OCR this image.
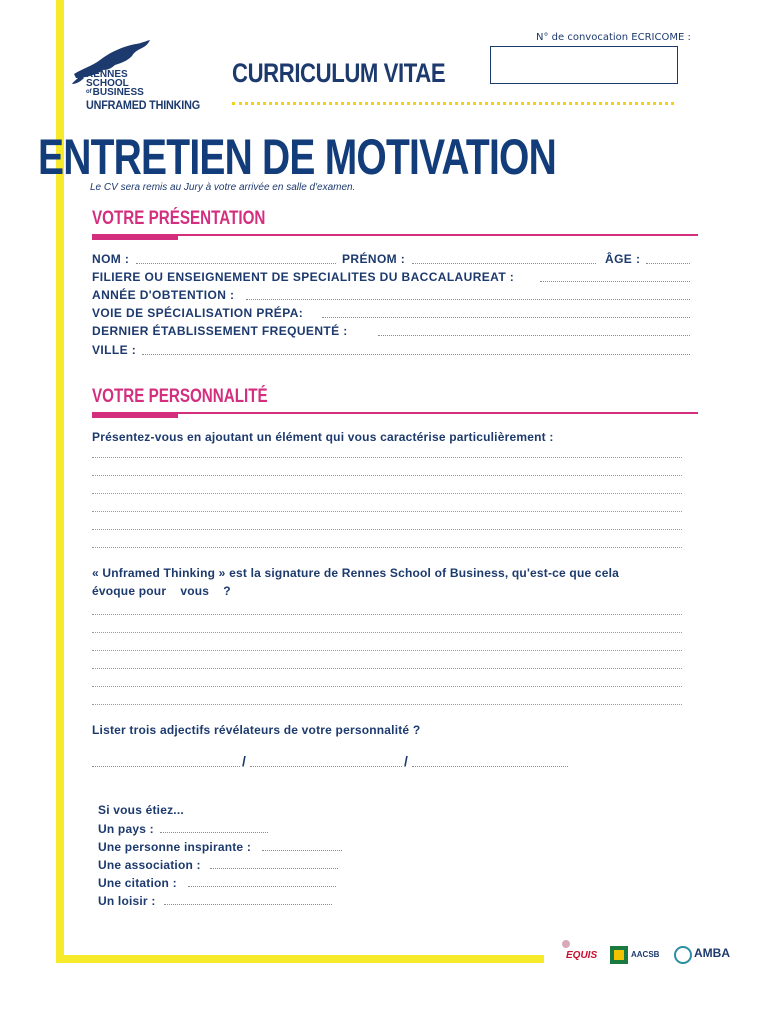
RENNES
SCHOOL
of BUSINESS
UNFRAMED THINKING
CURRICULUM VITAE
N° de convocation ECRICOME :
ENTRETIEN DE MOTIVATION
Le CV sera remis au Jury à votre arrivée en salle d'examen.
VOTRE PRÉSENTATION
NOM :	PRÉNOM :	ÂGE :
FILIERE OU ENSEIGNEMENT DE SPECIALITES DU BACCALAUREAT :
ANNÉE D'OBTENTION :
VOIE DE SPÉCIALISATION PRÉPA:
DERNIER ÉTABLISSEMENT FREQUENTÉ :
VILLE :
VOTRE PERSONNALITÉ
Présentez-vous en ajoutant un élément qui vous caractérise particulièrement :
« Unframed Thinking » est la signature de Rennes School of Business, qu'est-ce que cela
évoque pour    vous    ?
Lister trois adjectifs révélateurs de votre personnalité ?
/	/
Si vous étiez...
Un pays :
Une personne inspirante :
Une association :
Une citation :
Un loisir :
EQUIS	AACSB	AMBA
